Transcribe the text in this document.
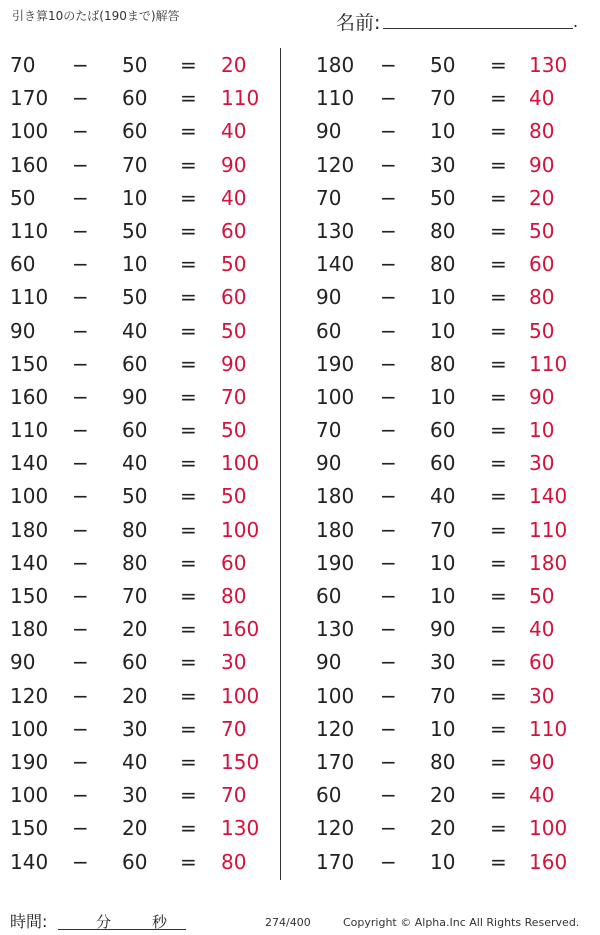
引き算10のたば(190まで)解答	名前:	.
70 − 50 = 20
170 − 60 = 110
100 − 60 = 40
160 − 70 = 90
50 − 10 = 40
110 − 50 = 60
60 − 10 = 50
110 − 50 = 60
90 − 40 = 50
150 − 60 = 90
160 − 90 = 70
110 − 60 = 50
140 − 40 = 100
100 − 50 = 50
180 − 80 = 100
140 − 80 = 60
150 − 70 = 80
180 − 20 = 160
90 − 60 = 30
120 − 20 = 100
100 − 30 = 70
190 − 40 = 150
100 − 30 = 70
150 − 20 = 130
140 − 60 = 80
180 − 50 = 130
110 − 70 = 40
90 − 10 = 80
120 − 30 = 90
70 − 50 = 20
130 − 80 = 50
140 − 80 = 60
90 − 10 = 80
60 − 10 = 50
190 − 80 = 110
100 − 10 = 90
70 − 60 = 10
90 − 60 = 30
180 − 40 = 140
180 − 70 = 110
190 − 10 = 180
60 − 10 = 50
130 − 90 = 40
90 − 30 = 60
100 − 70 = 30
120 − 10 = 110
170 − 80 = 90
60 − 20 = 40
120 − 20 = 100
170 − 10 = 160
時間:	分	秒	274/400	Copyright © Alpha.Inc All Rights Reserved.
